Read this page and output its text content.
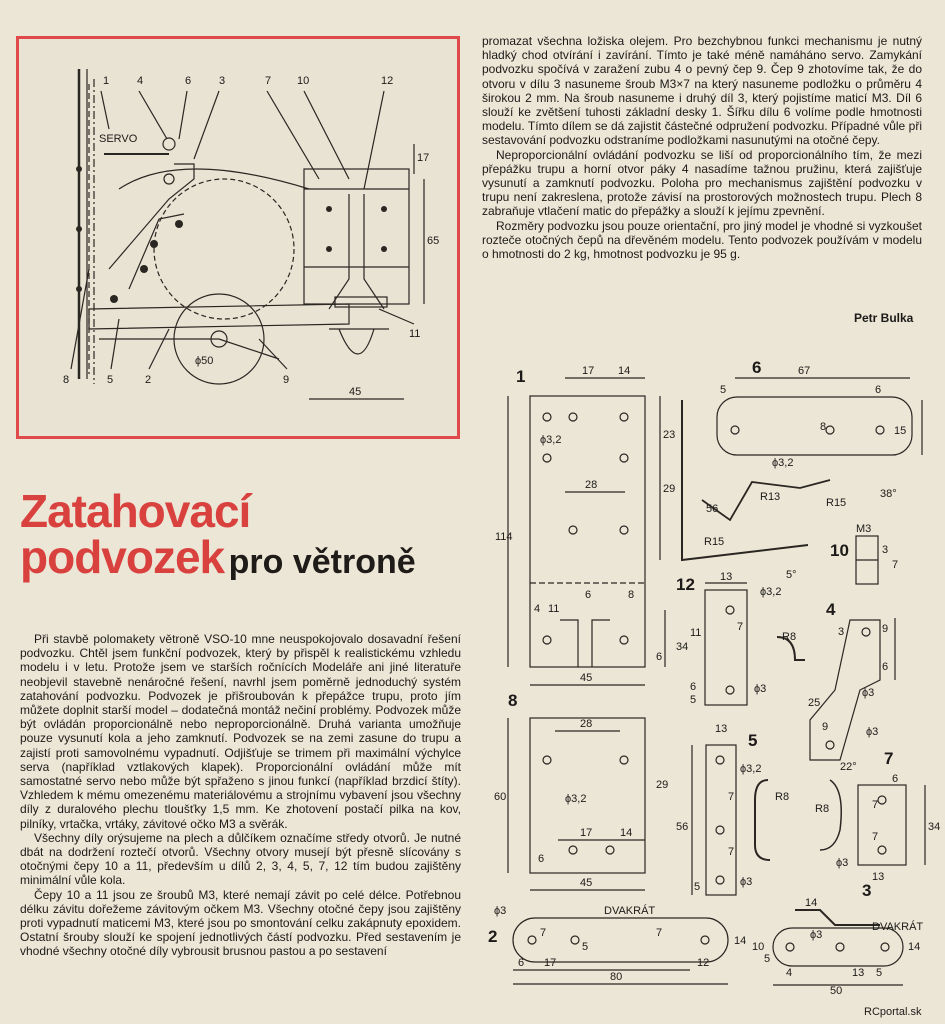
1	4	6	3	7 10	12
8	5	2	9
11
SERVO
17
65
45
ϕ50
Zatahovací
podvozek pro větroně

Při stavbě polomakety větroně VSO-10 mne neuspokojovalo dosavadní řešení podvozku. Chtěl jsem funkční podvozek, který by přispěl k realistickému vzhledu modelu i v letu. Protože jsem ve starších ročnících Modeláře ani jiné literatuře neobjevil stavebně nenáročné řešení, navrhl jsem poměrně jednoduchý systém zatahování podvozku. Podvozek je přišroubován k přepážce trupu, proto jím můžete doplnit starší model – dodatečná montáž nečiní problémy. Podvozek může být ovládán proporcionálně nebo neproporcionálně. Druhá varianta umožňuje pouze vysunutí kola a jeho zamknutí. Podvozek se na zemi zasune do trupu a zajistí proti samovolnému vypadnutí. Odjišťuje se trimem při maximální výchylce serva (například vztlakových klapek). Proporcionální ovládání může mít samostatné servo nebo může být spřaženo s jinou funkcí (například brzdicí štíty). Vzhledem k mému omezenému materiálovému a strojnímu vybavení jsou všechny díly z duralového plechu tloušťky 1,5 mm. Ke zhotovení postačí pilka na kov, pilníky, vrtačka, vrtáky, závitové očko M3 a svěrák.

Všechny díly orýsujeme na plech a důlčíkem označíme středy otvorů. Je nutné dbát na dodržení roztečí otvorů. Všechny otvory musejí být přesně slícovány s otočnými čepy 10 a 11, především u dílů 2, 3, 4, 5, 7, 12 tím budou zajištěny minimální vůle kola.

Čepy 10 a 11 jsou ze šroubů M3, které nemají závit po celé délce. Potřebnou délku závitu dořežeme závitovým očkem M3. Všechny otočné čepy jsou zajištěny proti vypadnutí maticemi M3, které jsou po smontování celku zakápnuty epoxidem. Ostatní šrouby slouží ke spojení jednotlivých částí podvozku. Před sestavením je vhodné všechny otočné díly vybrousit brusnou pastou a po sestavení

promazat všechna ložiska olejem. Pro bezchybnou funkci mechanismu je nutný hladký chod otvírání i zavírání. Tímto je také méně namáháno servo. Zamykání podvozku spočívá v zaražení zubu 4 o pevný čep 9. Čep 9 zhotovíme tak, že do otvoru v dílu 3 nasuneme šroub M3×7 na který nasuneme podložku o průměru 4 širokou 2 mm. Na šroub nasuneme i druhý díl 3, který pojistíme maticí M3. Díl 6 slouží ke zvětšení tuhosti základní desky 1. Šířku dílu 6 volíme podle hmotnosti modelu. Tímto dílem se dá zajistit částečné odpružení podvozku. Případné vůle při sestavování podvozku odstraníme podložkami nasunutými na otočné čepy.

Neproporcionální ovládání podvozku se liší od proporcionálního tím, že mezi přepážku trupu a horní otvor páky 4 nasadíme tažnou pružinu, která zajišťuje vysunutí a zamknutí podvozku. Poloha pro mechanismus zajištění podvozku v trupu není zakreslena, protože závisí na prostorových možnostech trupu. Plech 8 zabraňuje vtlačení matic do přepážky a slouží k jejímu zpevnění.

Rozměry podvozku jsou pouze orientační, pro jiný model je vhodné si vyzkoušet rozteče otočných čepů na dřevěném modelu. Tento podvozek používám v modelu o hmotnosti do 2 kg, hmotnost podvozku je 95 g.

Petr Bulka
RCportal.sk
1	6
10
12
4
8
5
7
2
3
17 14
23
29
ϕ3,2
28
114
11
6	8
4
6
45
67
5	6
8	15
ϕ3,2
R13	R15
38°
56
R15
5°
M3
3
7
13
ϕ3,2
11	7
34
R8
ϕ3
6
5
3	9
6
25
9
ϕ3
ϕ3
22°
28
ϕ3,2
29
60
17	14
6
45
13
ϕ3,2
7
7
56
5	ϕ3
R8
R8
6
7
7
34
ϕ3
13
ϕ3	DVAKRÁT
7	7
5	14
6 17	12
80
14
DVAKRÁT
10
5
ϕ3
4	13
14
5
50
